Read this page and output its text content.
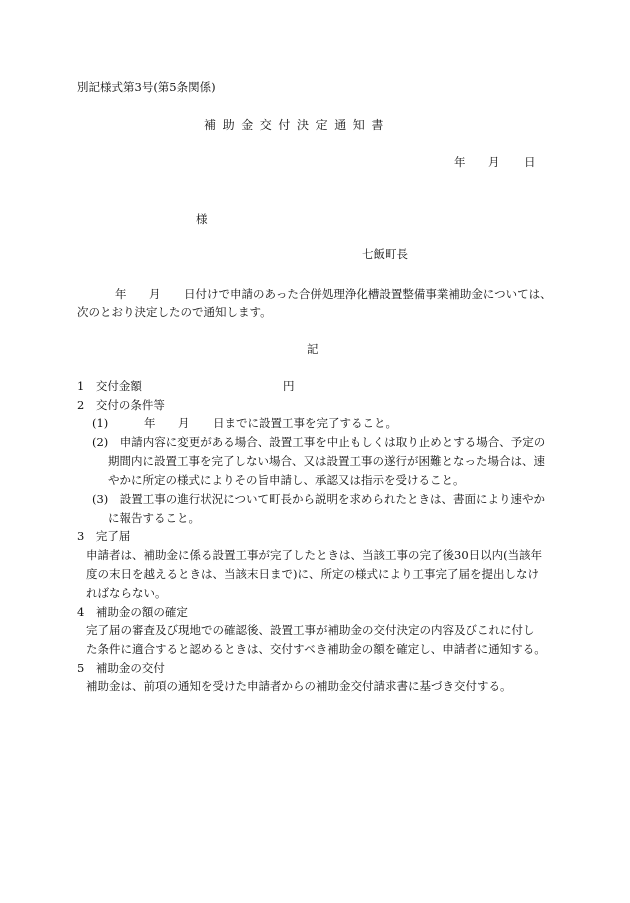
別記様式第3号(第5条関係)
補助金交付決定通知書
年 月 日
様
七飯町長
年 月 日付けで申請のあった合併処理浄化槽設置整備事業補助金については、
次のとおり決定したので通知します。
記
1　交付金額	円
2　交付の条件等
(1)	年 月 日までに設置工事を完了すること。
(2)　申請内容に変更がある場合、設置工事を中止もしくは取り止めとする場合、予定の
期間内に設置工事を完了しない場合、又は設置工事の遂行が困難となった場合は、速
やかに所定の様式によりその旨申請し、承認又は指示を受けること。
(3)　設置工事の進行状況について町長から説明を求められたときは、書面により速やか
に報告すること。
3　完了届
申請者は、補助金に係る設置工事が完了したときは、当該工事の完了後30日以内(当該年
度の末日を越えるときは、当該末日まで)に、所定の様式により工事完了届を提出しなけ
ればならない。
4　補助金の額の確定
完了届の審査及び現地での確認後、設置工事が補助金の交付決定の内容及びこれに付し
た条件に適合すると認めるときは、交付すべき補助金の額を確定し、申請者に通知する。
5　補助金の交付
補助金は、前項の通知を受けた申請者からの補助金交付請求書に基づき交付する。
